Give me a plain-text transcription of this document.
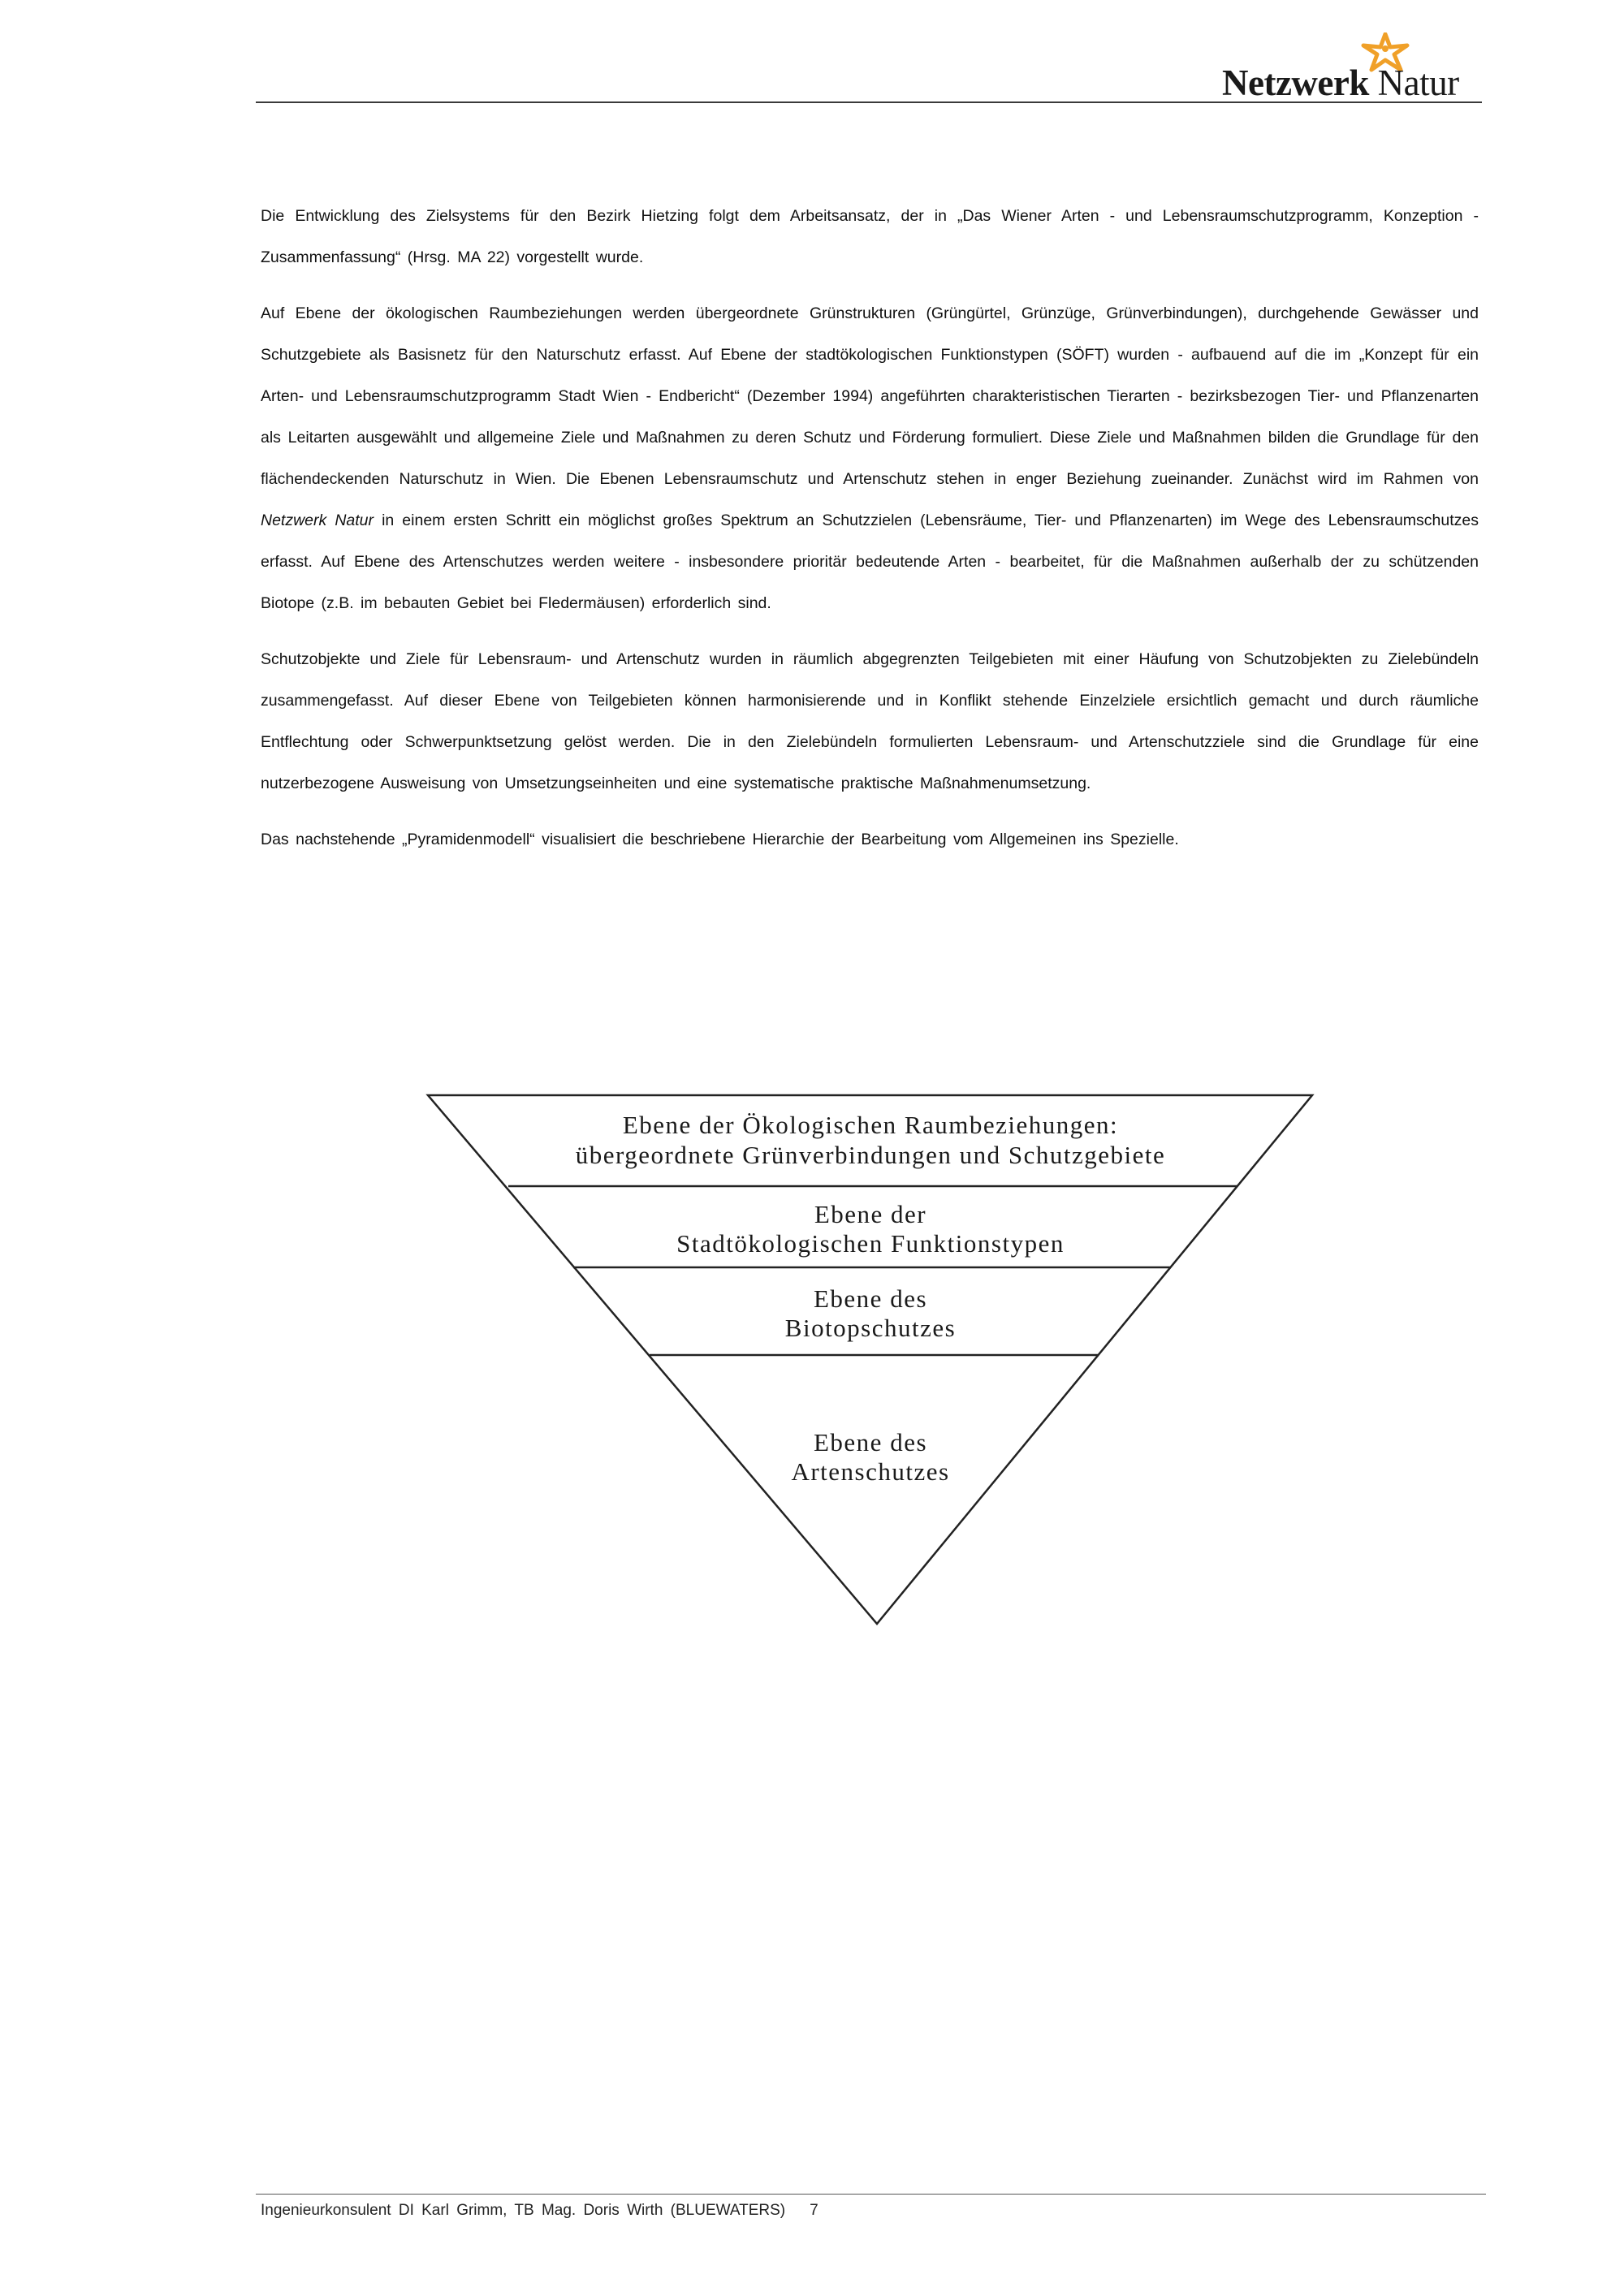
Netzwerk Natur

Die Entwicklung des Zielsystems für den Bezirk Hietzing folgt dem Arbeitsansatz, der in „Das Wiener Arten - und Lebensraumschutzprogramm, Konzeption - Zusammenfassung“ (Hrsg. MA 22) vorgestellt wurde.

Auf Ebene der ökologischen Raumbeziehungen werden übergeordnete Grünstrukturen (Grüngürtel, Grünzüge, Grünverbindungen), durchgehende Gewässer und Schutzgebiete als Basisnetz für den Naturschutz erfasst. Auf Ebene der stadtökologischen Funktionstypen (SÖFT) wurden - aufbauend auf die im „Konzept für ein Arten- und Lebensraumschutzprogramm Stadt Wien - Endbericht“ (Dezember 1994) angeführten charakteristischen Tierarten - bezirksbezogen Tier- und Pflanzenarten als Leitarten ausgewählt und allgemeine Ziele und Maßnahmen zu deren Schutz und Förderung formuliert. Diese Ziele und Maßnahmen bilden die Grundlage für den flächendeckenden Naturschutz in Wien. Die Ebenen Lebensraumschutz und Artenschutz stehen in enger Beziehung zueinander. Zunächst wird im Rahmen von Netzwerk Natur in einem ersten Schritt ein möglichst großes Spektrum an Schutzzielen (Lebensräume, Tier- und Pflanzenarten) im Wege des Lebensraumschutzes erfasst. Auf Ebene des Artenschutzes werden weitere - insbesondere prioritär bedeutende Arten - bearbeitet, für die Maßnahmen außerhalb der zu schützenden Biotope (z.B. im bebauten Gebiet bei Fledermäusen) erforderlich sind.

Schutzobjekte und Ziele für Lebensraum- und Artenschutz wurden in räumlich abgegrenzten Teilgebieten mit einer Häufung von Schutzobjekten zu Zielebündeln zusammengefasst. Auf dieser Ebene von Teilgebieten können harmonisierende und in Konflikt stehende Einzelziele ersichtlich gemacht und durch räumliche Entflechtung oder Schwerpunktsetzung gelöst werden. Die in den Zielebündeln formulierten Lebensraum- und Artenschutzziele sind die Grundlage für eine nutzerbezogene Ausweisung von Umsetzungseinheiten und eine systematische praktische Maßnahmenumsetzung.

Das nachstehende „Pyramidenmodell“ visualisiert die beschriebene Hierarchie der Bearbeitung vom Allgemeinen ins Spezielle.

Ebene der Ökologischen Raumbeziehungen:
übergeordnete Grünverbindungen und Schutzgebiete
Ebene der
Stadtökologischen Funktionstypen
Ebene des
Biotopschutzes
Ebene des
Artenschutzes
Ingenieurkonsulent DI Karl Grimm, TB Mag. Doris Wirth (BLUEWATERS) 7
